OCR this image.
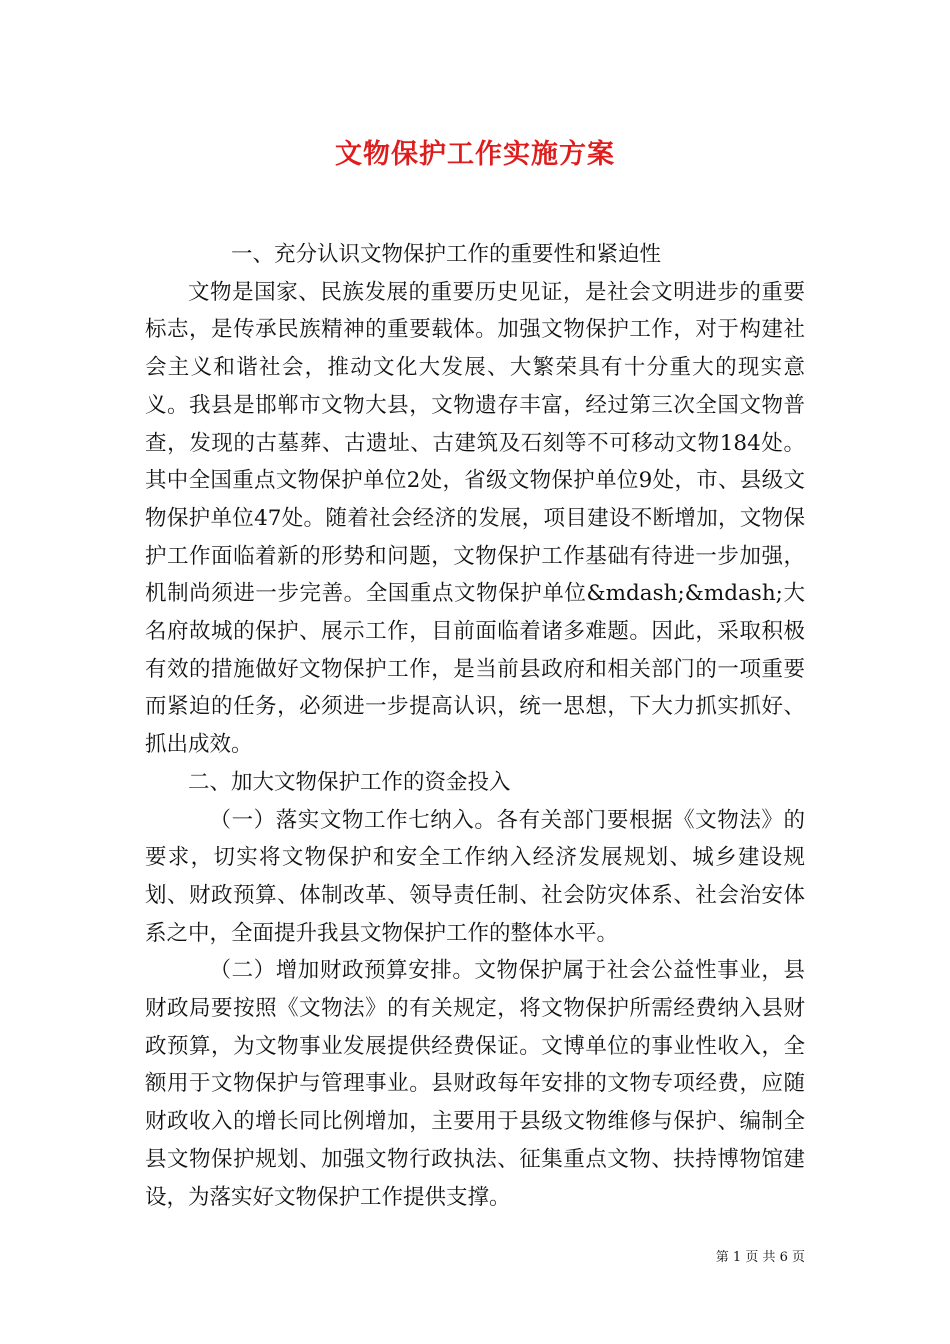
文物保护工作实施方案

一、充分认识文物保护工作的重要性和紧迫性

文物是国家、民族发展的重要历史见证，是社会文明进步的重要标志，是传承民族精神的重要载体。加强文物保护工作，对于构建社会主义和谐社会，推动文化大发展、大繁荣具有十分重大的现实意义。我县是邯郸市文物大县，文物遗存丰富，经过第三次全国文物普查，发现的古墓葬、古遗址、古建筑及石刻等不可移动文物184处。其中全国重点文物保护单位2处，省级文物保护单位9处，市、县级文物保护单位47处。随着社会经济的发展，项目建设不断增加，文物保护工作面临着新的形势和问题，文物保护工作基础有待进一步加强，机制尚须进一步完善。全国重点文物保护单位&mdash;&mdash;大名府故城的保护、展示工作，目前面临着诸多难题。因此，采取积极有效的措施做好文物保护工作，是当前县政府和相关部门的一项重要而紧迫的任务，必须进一步提高认识，统一思想，下大力抓实抓好、抓出成效。

二、加大文物保护工作的资金投入

（一）落实文物工作七纳入。各有关部门要根据《文物法》的要求，切实将文物保护和安全工作纳入经济发展规划、城乡建设规划、财政预算、体制改革、领导责任制、社会防灾体系、社会治安体系之中，全面提升我县文物保护工作的整体水平。

（二）增加财政预算安排。文物保护属于社会公益性事业，县财政局要按照《文物法》的有关规定，将文物保护所需经费纳入县财政预算，为文物事业发展提供经费保证。文博单位的事业性收入，全额用于文物保护与管理事业。县财政每年安排的文物专项经费，应随财政收入的增长同比例增加，主要用于县级文物维修与保护、编制全县文物保护规划、加强文物行政执法、征集重点文物、扶持博物馆建设，为落实好文物保护工作提供支撑。

第 1 页 共 6 页
